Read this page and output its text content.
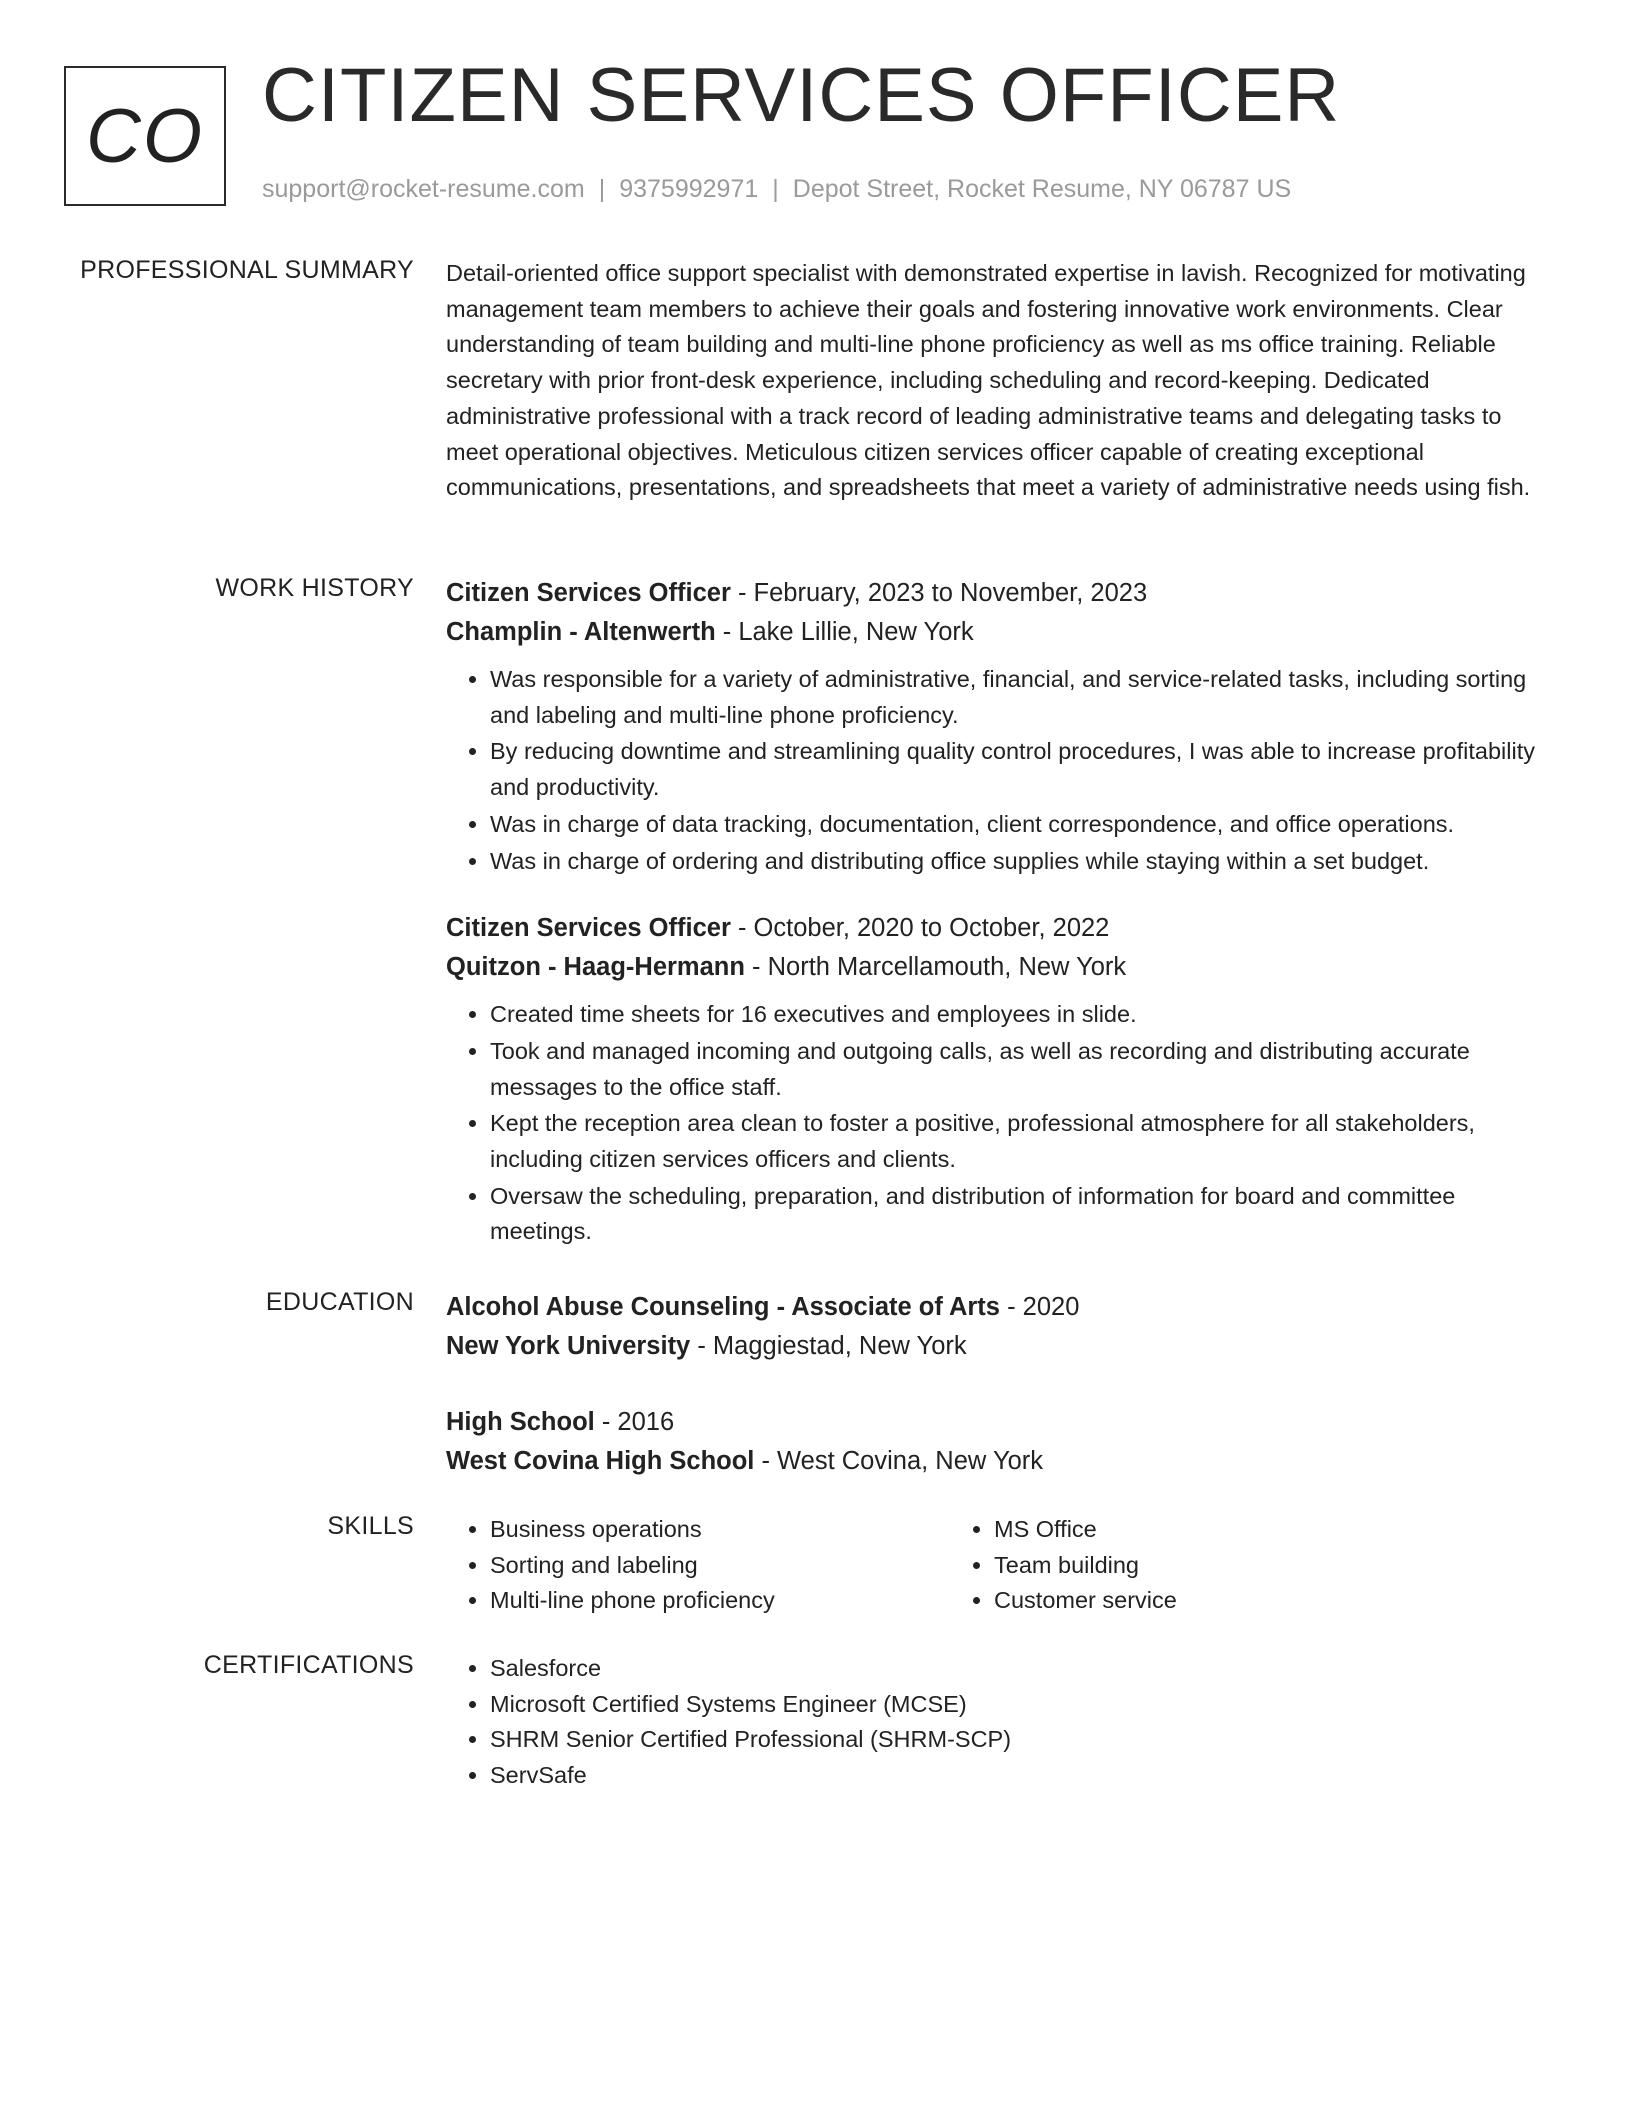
CO CITIZEN SERVICES OFFICER
support@rocket-resume.com | 9375992971 | Depot Street, Rocket Resume, NY 06787 US
PROFESSIONAL SUMMARY Detail-oriented office support specialist with demonstrated expertise in lavish. Recognized for motivating management team members to achieve their goals and fostering innovative work environments. Clear understanding of team building and multi-line phone proficiency as well as ms office training. Reliable secretary with prior front-desk experience, including scheduling and record-keeping. Dedicated administrative professional with a track record of leading administrative teams and delegating tasks to meet operational objectives. Meticulous citizen services officer capable of creating exceptional communications, presentations, and spreadsheets that meet a variety of administrative needs using fish.

WORK HISTORY Citizen Services Officer - February, 2023 to November, 2023
Champlin - Altenwerth - Lake Lillie, New York
• Was responsible for a variety of administrative, financial, and service-related tasks, including sorting and labeling and multi-line phone proficiency.
• By reducing downtime and streamlining quality control procedures, I was able to increase profitability and productivity.
• Was in charge of data tracking, documentation, client correspondence, and office operations.
• Was in charge of ordering and distributing office supplies while staying within a set budget.
Citizen Services Officer - October, 2020 to October, 2022
Quitzon - Haag-Hermann - North Marcellamouth, New York
• Created time sheets for 16 executives and employees in slide.
• Took and managed incoming and outgoing calls, as well as recording and distributing accurate messages to the office staff.
• Kept the reception area clean to foster a positive, professional atmosphere for all stakeholders, including citizen services officers and clients.
• Oversaw the scheduling, preparation, and distribution of information for board and committee meetings.
EDUCATION Alcohol Abuse Counseling - Associate of Arts - 2020
New York University - Maggiestad, New York
High School - 2016
West Covina High School - West Covina, New York
SKILLS	• Business operations
• Sorting and labeling
• Multi-line phone proficiency
• MS Office
• Team building
• Customer service
CERTIFICATIONS	• Salesforce
• Microsoft Certified Systems Engineer (MCSE)
• SHRM Senior Certified Professional (SHRM-SCP)
• ServSafe
